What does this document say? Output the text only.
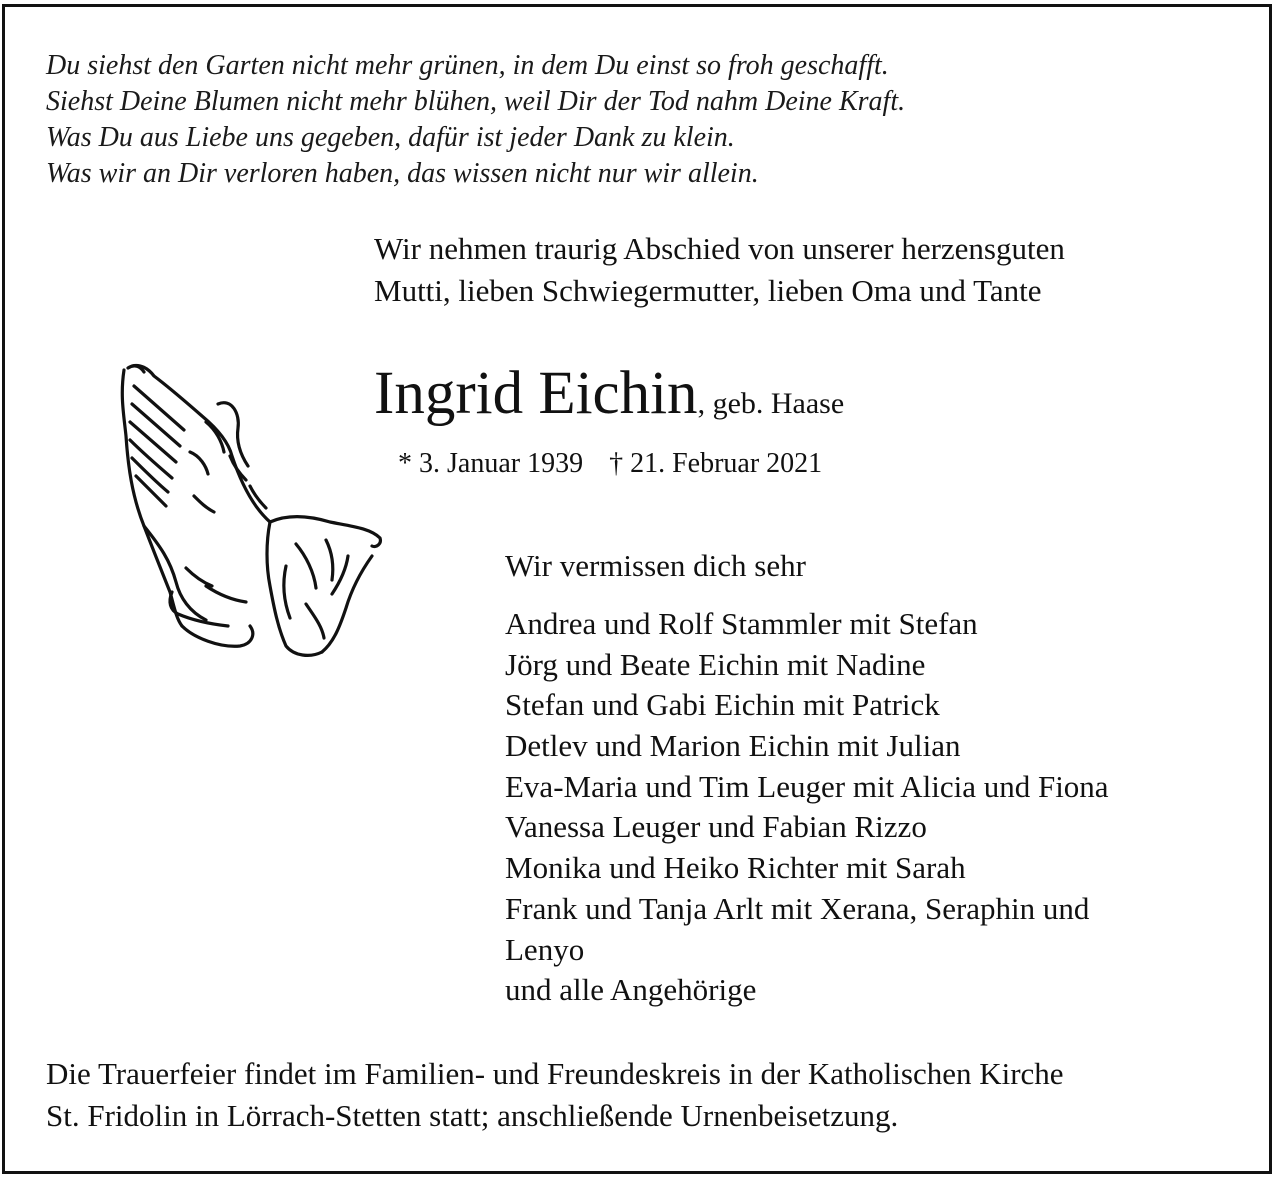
Du siehst den Garten nicht mehr grünen, in dem Du einst so froh geschafft.
Siehst Deine Blumen nicht mehr blühen, weil Dir der Tod nahm Deine Kraft.
Was Du aus Liebe uns gegeben, dafür ist jeder Dank zu klein.
Was wir an Dir verloren haben, das wissen nicht nur wir allein.
Wir nehmen traurig Abschied von unserer herzensguten
Mutti, lieben Schwiegermutter, lieben Oma und Tante
Ingrid Eichin, geb. Haase
* 3. Januar 1939 † 21. Februar 2021
Wir vermissen dich sehr
Andrea und Rolf Stammler mit Stefan
Jörg und Beate Eichin mit Nadine
Stefan und Gabi Eichin mit Patrick
Detlev und Marion Eichin mit Julian
Eva-Maria und Tim Leuger mit Alicia und Fiona
Vanessa Leuger und Fabian Rizzo
Monika und Heiko Richter mit Sarah
Frank und Tanja Arlt mit Xerana, Seraphin und
Lenyo
und alle Angehörige
Die Trauerfeier findet im Familien- und Freundeskreis in der Katholischen Kirche
St. Fridolin in Lörrach-Stetten statt; anschließende Urnenbeisetzung.
